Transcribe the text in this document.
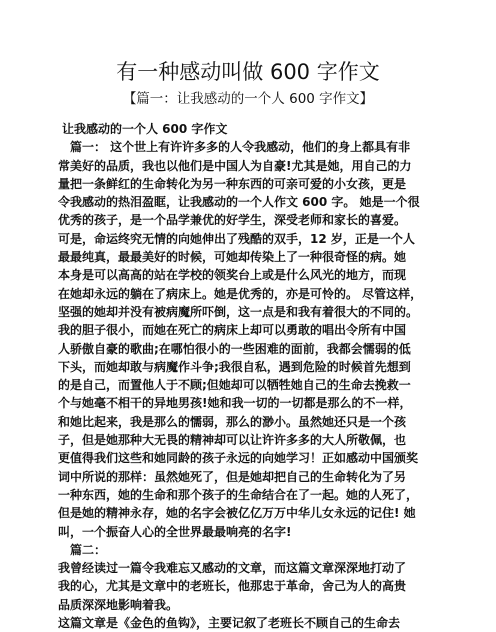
有一种感动叫做 600 字作文
【篇一：让我感动的一个人 600 字作文】
让我感动的一个人 600 字作文
篇一： 这个世上有许许多多的人令我感动，他们的身上都具有非
常美好的品质，我也以他们是中国人为自豪!尤其是她，用自己的力
量把一条鲜红的生命转化为另一种东西的可亲可爱的小女孩，更是
令我感动的热泪盈眶，让我感动的一个人作文 600 字。 她是一个很
优秀的孩子，是一个品学兼优的好学生，深受老师和家长的喜爱。
可是，命运终究无情的向她伸出了残酷的双手，12 岁，正是一个人
最最纯真，最最美好的时候，可她却传染上了一种很奇怪的病。她
本身是可以高高的站在学校的领奖台上或是什么风光的地方，而现
在她却永远的躺在了病床上。她是优秀的，亦是可怜的。 尽管这样，
坚强的她却并没有被病魔所吓倒，这一点是和我有着很大的不同的。
我的胆子很小，而她在死亡的病床上却可以勇敢的唱出令所有中国
人骄傲自豪的歌曲;在哪怕很小的一些困难的面前，我都会懦弱的低
下头，而她却敢与病魔作斗争;我很自私，遇到危险的时候首先想到
的是自己，而置他人于不顾;但她却可以牺牲她自己的生命去挽救一
个与她毫不相干的异地男孩!她和我一切的一切都是那么的不一样，
和她比起来，我是那么的懦弱，那么的渺小。虽然她还只是一个孩
子，但是她那种大无畏的精神却可以让许许多多的大人所敬佩，也
更值得我们这些和她同龄的孩子永远的向她学习！正如感动中国颁奖
词中所说的那样：虽然她死了，但是她却把自己的生命转化为了另
一种东西，她的生命和那个孩子的生命结合在了一起。她的人死了，
但是她的精神永存，她的名字会被亿亿万万中华儿女永远的记住! 她
叫，一个振奋人心的全世界最最响亮的名字!
篇二：
我曾经读过一篇令我难忘又感动的文章，而这篇文章深深地打动了
我的心，尤其是文章中的老班长，他那忠于革命，舍己为人的高贵
品质深深地影响着我。
这篇文章是《金色的鱼钩》，主要记叙了老班长不顾自己的生命去
